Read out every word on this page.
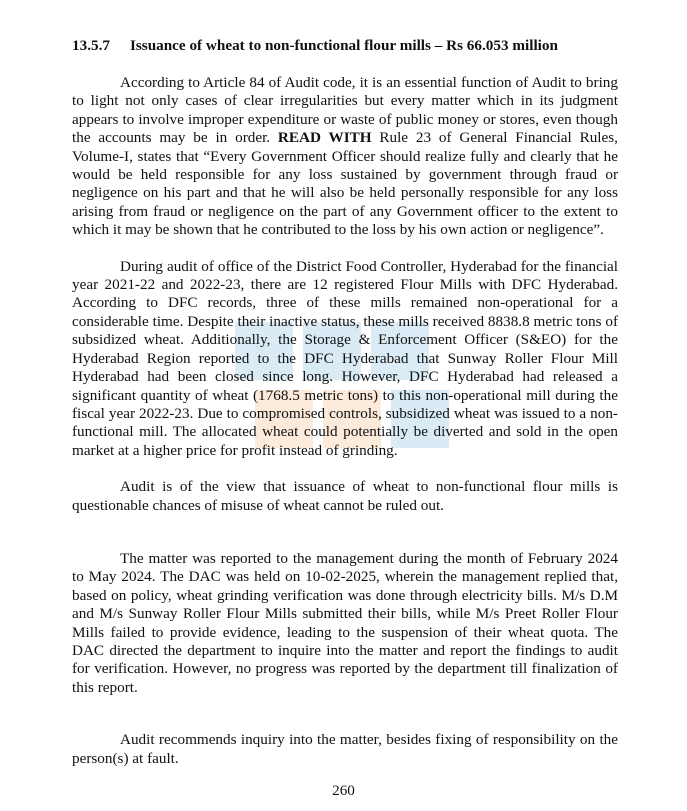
13.5.7 Issuance of wheat to non-functional flour mills – Rs 66.053 million

According to Article 84 of Audit code, it is an essential function of Audit to bring to light not only cases of clear irregularities but every matter which in its judgment appears to involve improper expenditure or waste of public money or stores, even though the accounts may be in order. READ WITH Rule 23 of General Financial Rules, Volume-I, states that “Every Government Officer should realize fully and clearly that he would be held responsible for any loss sustained by government through fraud or negligence on his part and that he will also be held personally responsible for any loss arising from fraud or negligence on the part of any Government officer to the extent to which it may be shown that he contributed to the loss by his own action or negligence”.

During audit of office of the District Food Controller, Hyderabad for the financial year 2021-22 and 2022-23, there are 12 registered Flour Mills with DFC Hyderabad. According to DFC records, three of these mills remained non-operational for a considerable time. Despite their inactive status, these mills received 8838.8 metric tons of subsidized wheat. Additionally, the Storage & Enforcement Officer (S&EO) for the Hyderabad Region reported to the DFC Hyderabad that Sunway Roller Flour Mill Hyderabad had been closed since long. However, DFC Hyderabad had released a significant quantity of wheat (1768.5 metric tons) to this non-operational mill during the fiscal year 2022-23. Due to compromised controls, subsidized wheat was issued to a non-functional mill. The allocated wheat could potentially be diverted and sold in the open market at a higher price for profit instead of grinding.

Audit is of the view that issuance of wheat to non-functional flour mills is questionable chances of misuse of wheat cannot be ruled out.

The matter was reported to the management during the month of February 2024 to May 2024. The DAC was held on 10-02-2025, wherein the management replied that, based on policy, wheat grinding verification was done through electricity bills. M/s D.M and M/s Sunway Roller Flour Mills submitted their bills, while M/s Preet Roller Flour Mills failed to provide evidence, leading to the suspension of their wheat quota. The DAC directed the department to inquire into the matter and report the findings to audit for verification. However, no progress was reported by the department till finalization of this report.

Audit recommends inquiry into the matter, besides fixing of responsibility on the person(s) at fault.

260
